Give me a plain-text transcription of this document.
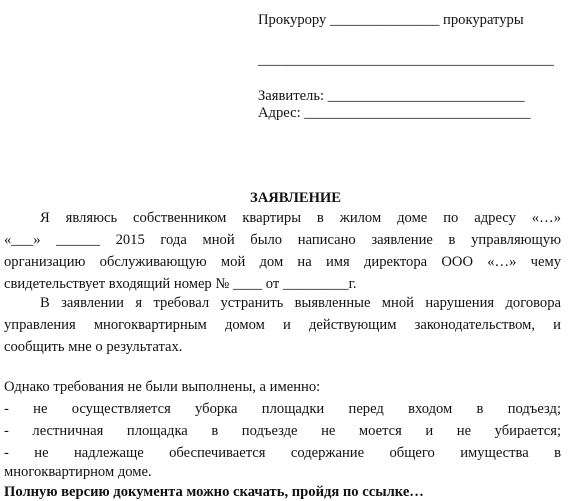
Прокурору _______________ прокуратуры
________________________________________
Заявитель: ___________________________
Адрес: _______________________________
ЗАЯВЛЕНИЕ
Я являюсь собственником квартиры в жилом доме по адресу «…»
«___» ______ 2015 года мной было написано заявление в управляющую
организацию обслуживающую мой дом на имя директора ООО «…» чему
свидетельствует входящий номер № ____ от _________г.
В заявлении я требовал устранить выявленные мной нарушения договора
управления многоквартирным домом и действующим законодательством, и
сообщить мне о результатах.
Однако требования не были выполнены, а именно:
- не осуществляется уборка площадки перед входом в подъезд;
- лестничная площадка в подъезде не моется и не убирается;
- не надлежаще обеспечивается содержание общего имущества в
многоквартирном доме.
Полную версию документа можно скачать, пройдя по ссылке…
